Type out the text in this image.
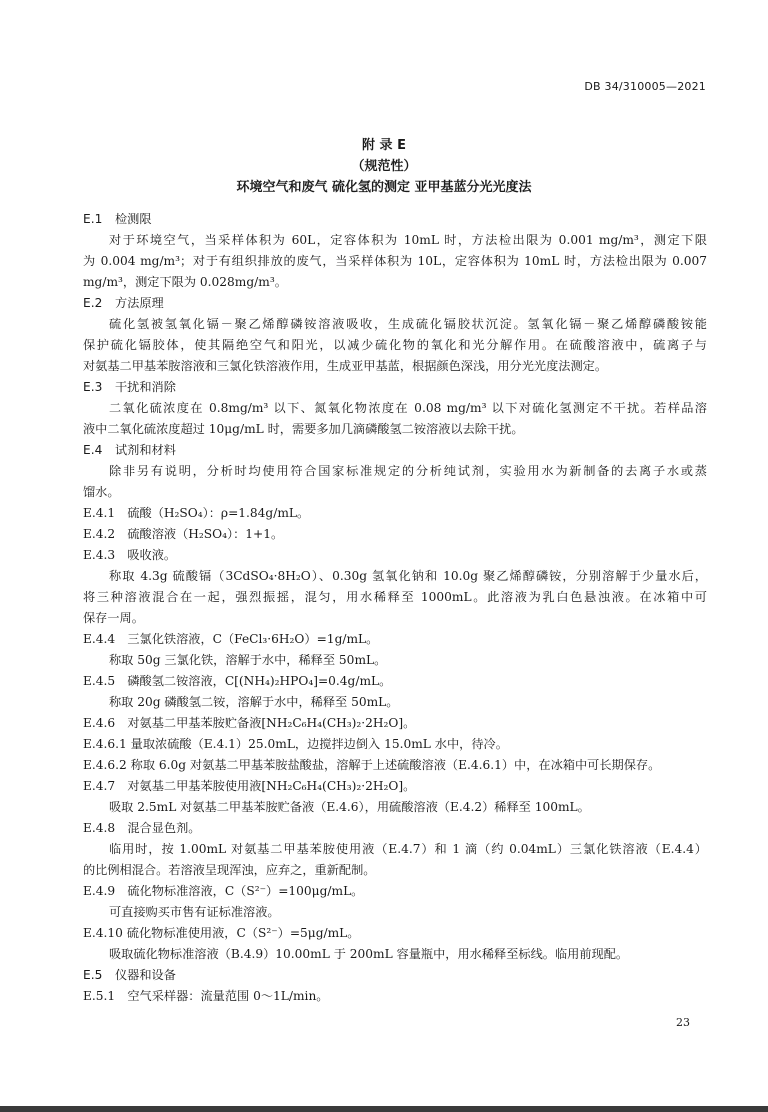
DB 34/310005—2021
附 录 E
（规范性）
环境空气和废气 硫化氢的测定 亚甲基蓝分光光度法
E.1 检测限
对于环境空气，当采样体积为 60L，定容体积为 10mL 时，方法检出限为 0.001 mg/m³，测定下限
为 0.004 mg/m³；对于有组织排放的废气，当采样体积为 10L，定容体积为 10mL 时，方法检出限为 0.007
mg/m³，测定下限为 0.028mg/m³。
E.2 方法原理
硫化氢被氢氧化镉－聚乙烯醇磷铵溶液吸收，生成硫化镉胶状沉淀。氢氧化镉－聚乙烯醇磷酸铵能
保护硫化镉胶体，使其隔绝空气和阳光，以减少硫化物的氧化和光分解作用。在硫酸溶液中，硫离子与
对氨基二甲基苯胺溶液和三氯化铁溶液作用，生成亚甲基蓝，根据颜色深浅，用分光光度法测定。
E.3 干扰和消除
二氧化硫浓度在 0.8mg/m³ 以下、氮氧化物浓度在 0.08 mg/m³ 以下对硫化氢测定不干扰。若样品溶
液中二氧化硫浓度超过 10μg/mL 时，需要多加几滴磷酸氢二铵溶液以去除干扰。
E.4 试剂和材料
除非另有说明，分析时均使用符合国家标准规定的分析纯试剂，实验用水为新制备的去离子水或蒸
馏水。
E.4.1　硫酸（H₂SO₄）：ρ=1.84g/mL。
E.4.2　硫酸溶液（H₂SO₄）：1+1。
E.4.3　吸收液。
称取 4.3g 硫酸镉（3CdSO₄·8H₂O）、0.30g 氢氧化钠和 10.0g 聚乙烯醇磷铵，分别溶解于少量水后，
将三种溶液混合在一起，强烈振摇，混匀，用水稀释至 1000mL。此溶液为乳白色悬浊液。在冰箱中可
保存一周。
E.4.4　三氯化铁溶液，C（FeCl₃·6H₂O）=1g/mL。
称取 50g 三氯化铁，溶解于水中，稀释至 50mL。
E.4.5　磷酸氢二铵溶液，C[(NH₄)₂HPO₄]=0.4g/mL。
称取 20g 磷酸氢二铵，溶解于水中，稀释至 50mL。
E.4.6　对氨基二甲基苯胺贮备液[NH₂C₆H₄(CH₃)₂·2H₂O]。
E.4.6.1 量取浓硫酸（E.4.1）25.0mL，边搅拌边倒入 15.0mL 水中，待冷。
E.4.6.2 称取 6.0g 对氨基二甲基苯胺盐酸盐，溶解于上述硫酸溶液（E.4.6.1）中，在冰箱中可长期保存。
E.4.7　对氨基二甲基苯胺使用液[NH₂C₆H₄(CH₃)₂·2H₂O]。
吸取 2.5mL 对氨基二甲基苯胺贮备液（E.4.6），用硫酸溶液（E.4.2）稀释至 100mL。
E.4.8　混合显色剂。
临用时，按 1.00mL 对氨基二甲基苯胺使用液（E.4.7）和 1 滴（约 0.04mL）三氯化铁溶液（E.4.4）
的比例相混合。若溶液呈现浑浊，应弃之，重新配制。
E.4.9　硫化物标准溶液，C（S²⁻）=100μg/mL。
可直接购买市售有证标准溶液。
E.4.10 硫化物标准使用液，C（S²⁻）=5μg/mL。
吸取硫化物标准溶液（B.4.9）10.00mL 于 200mL 容量瓶中，用水稀释至标线。临用前现配。
E.5 仪器和设备
E.5.1　空气采样器：流量范围 0～1L/min。
23
